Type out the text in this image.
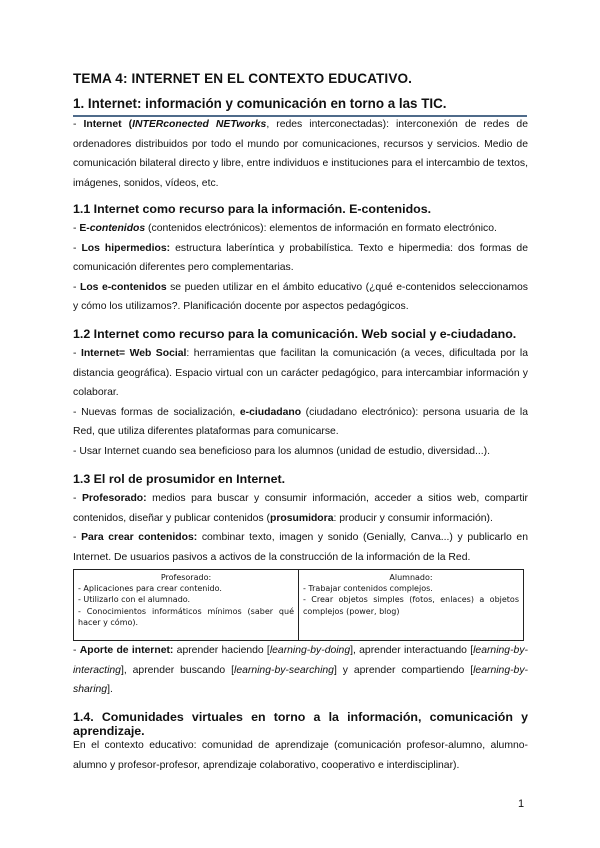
TEMA 4: INTERNET EN EL CONTEXTO EDUCATIVO.
1. Internet: información y comunicación en torno a las TIC.

- Internet (INTERconected NETworks, redes interconectadas): interconexión de redes de ordenadores distribuidos por todo el mundo por comunicaciones, recursos y servicios. Medio de comunicación bilateral directo y libre, entre individuos e instituciones para el intercambio de textos, imágenes, sonidos, vídeos, etc.

1.1 Internet como recurso para la información. E-contenidos.

- E-contenidos (contenidos electrónicos): elementos de información en formato electrónico.

- Los hipermedios: estructura laberíntica y probabilística. Texto e hipermedia: dos formas de comunicación diferentes pero complementarias.

- Los e-contenidos se pueden utilizar en el ámbito educativo (¿qué e-contenidos seleccionamos y cómo los utilizamos?. Planificación docente por aspectos pedagógicos.

1.2 Internet como recurso para la comunicación. Web social y e-ciudadano.

- Internet= Web Social: herramientas que facilitan la comunicación (a veces, dificultada por la distancia geográfica). Espacio virtual con un carácter pedagógico, para intercambiar información y colaborar.

- Nuevas formas de socialización, e-ciudadano (ciudadano electrónico): persona usuaria de la Red, que utiliza diferentes plataformas para comunicarse.

- Usar Internet cuando sea beneficioso para los alumnos (unidad de estudio, diversidad...).

1.3 El rol de prosumidor en Internet.

- Profesorado: medios para buscar y consumir información, acceder a sitios web, compartir contenidos, diseñar y publicar contenidos (prosumidora: producir y consumir información).

- Para crear contenidos: combinar texto, imagen y sonido (Genially, Canva...) y publicarlo en Internet. De usuarios pasivos a activos de la construcción de la información de la Red.

Profesorado:
- Aplicaciones para crear contenido.
- Utilizarlo con el alumnado.
- Conocimientos informáticos mínimos (saber qué hacer y cómo).

Alumnado:
- Trabajar contenidos complejos.
- Crear objetos simples (fotos, enlaces) a objetos complejos (power, blog)

- Aporte de internet: aprender haciendo [learning-by-doing], aprender interactuando [learning-by-interacting], aprender buscando [learning-by-searching] y aprender compartiendo [learning-by-sharing].

1.4. Comunidades virtuales en torno a la información, comunicación y aprendizaje.

En el contexto educativo: comunidad de aprendizaje (comunicación profesor-alumno, alumno-alumno y profesor-profesor, aprendizaje colaborativo, cooperativo e interdisciplinar).

1
